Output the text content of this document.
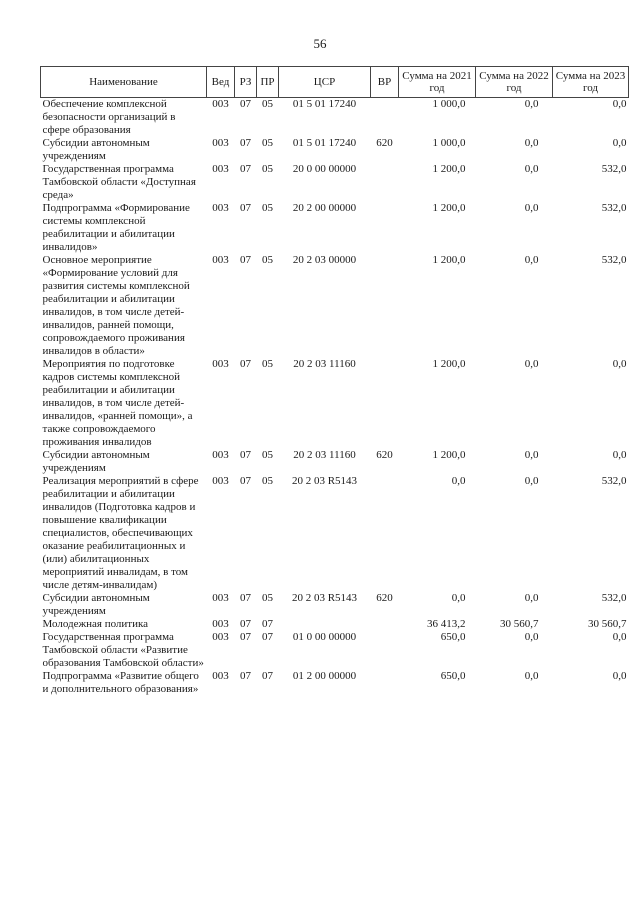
56
Наименование	Вед	РЗ	ПР	ЦСР	ВР	Сумма на 2021 год	Сумма на 2022 год	Сумма на 2023 год
Обеспечение комплексной безопасности организаций в сфере образования	003	07	05	01 5 01 17240		1 000,0	0,0	0,0
Субсидии автономным учреждениям	003	07	05	01 5 01 17240	620	1 000,0	0,0	0,0
Государственная программа Тамбовской области «Доступная среда»	003	07	05	20 0 00 00000		1 200,0	0,0	532,0
Подпрограмма «Формирование системы комплексной реабилитации и абилитации инвалидов»	003	07	05	20 2 00 00000		1 200,0	0,0	532,0
Основное мероприятие «Формирование условий для развития системы комплексной реабилитации и абилитации инвалидов, в том числе детей-инвалидов, ранней помощи, сопровождаемого проживания инвалидов в области»	003	07	05	20 2 03 00000		1 200,0	0,0	532,0
Мероприятия по подготовке кадров системы комплексной реабилитации и абилитации инвалидов, в том числе детей-инвалидов, «ранней помощи», а также сопровождаемого проживания инвалидов	003	07	05	20 2 03 11160		1 200,0	0,0	0,0
Субсидии автономным учреждениям	003	07	05	20 2 03 11160	620	1 200,0	0,0	0,0
Реализация мероприятий в сфере реабилитации и абилитации инвалидов (Подготовка кадров и повышение квалификации специалистов, обеспечивающих оказание реабилитационных и (или) абилитационных мероприятий инвалидам, в том числе детям-инвалидам)	003	07	05	20 2 03 R5143		0,0	0,0	532,0
Субсидии автономным учреждениям	003	07	05	20 2 03 R5143	620	0,0	0,0	532,0
Молодежная политика	003	07	07			36 413,2	30 560,7	30 560,7
Государственная программа Тамбовской области «Развитие образования Тамбовской области»	003	07	07	01 0 00 00000		650,0	0,0	0,0
Подпрограмма «Развитие общего и дополнительного образования»	003	07	07	01 2 00 00000		650,0	0,0	0,0
